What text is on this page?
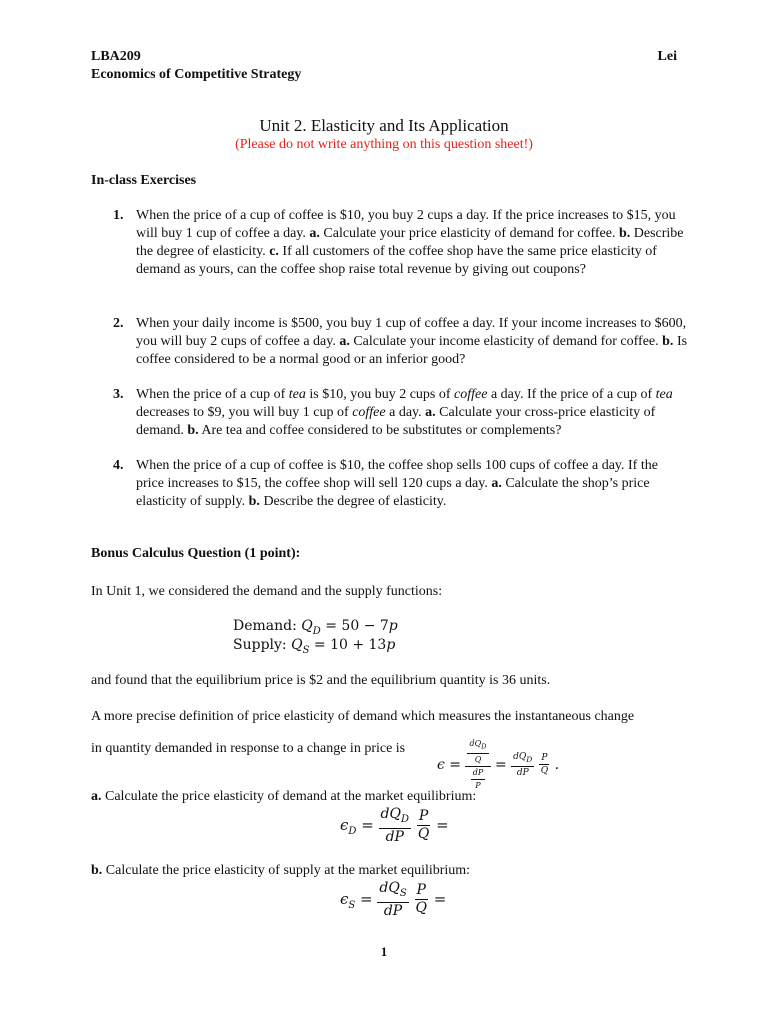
LBA209
Economics of Competitive Strategy
Lei
Unit 2. Elasticity and Its Application
(Please do not write anything on this question sheet!)
In-class Exercises
1. When the price of a cup of coffee is $10, you buy 2 cups a day. If the price increases to $15, you will buy 1 cup of coffee a day. a. Calculate your price elasticity of demand for coffee. b. Describe the degree of elasticity. c. If all customers of the coffee shop have the same price elasticity of demand as yours, can the coffee shop raise total revenue by giving out coupons?
2. When your daily income is $500, you buy 1 cup of coffee a day. If your income increases to $600, you will buy 2 cups of coffee a day. a. Calculate your income elasticity of demand for coffee. b. Is coffee considered to be a normal good or an inferior good?
3. When the price of a cup of tea is $10, you buy 2 cups of coffee a day. If the price of a cup of tea decreases to $9, you will buy 1 cup of coffee a day. a. Calculate your cross-price elasticity of demand. b. Are tea and coffee considered to be substitutes or complements?
4. When the price of a cup of coffee is $10, the coffee shop sells 100 cups of coffee a day. If the price increases to $15, the coffee shop will sell 120 cups a day. a. Calculate the shop’s price elasticity of supply. b. Describe the degree of elasticity.
Bonus Calculus Question (1 point):
In Unit 1, we considered the demand and the supply functions:
Demand: $Q_D = 50 - 7p$
Supply: $Q_S = 10 + 13p$
and found that the equilibrium price is $2 and the equilibrium quantity is 36 units.
A more precise definition of price elasticity of demand which measures the instantaneous change
in quantity demanded in response to a change in price is
$\epsilon = \frac{\frac{dQ_D}{Q}}{\frac{dP}{P}} = \frac{dQ_D}{dP}$
$\frac{P}{Q}$ .
a. Calculate the price elasticity of demand at the market equilibrium:
$\epsilon_D = \frac{dQ_D}{dP}$
$\frac{P}{Q}$ =
b. Calculate the price elasticity of supply at the market equilibrium:
$\epsilon_S = \frac{dQ_S}{dP}$
$\frac{P}{Q}$ =
1
